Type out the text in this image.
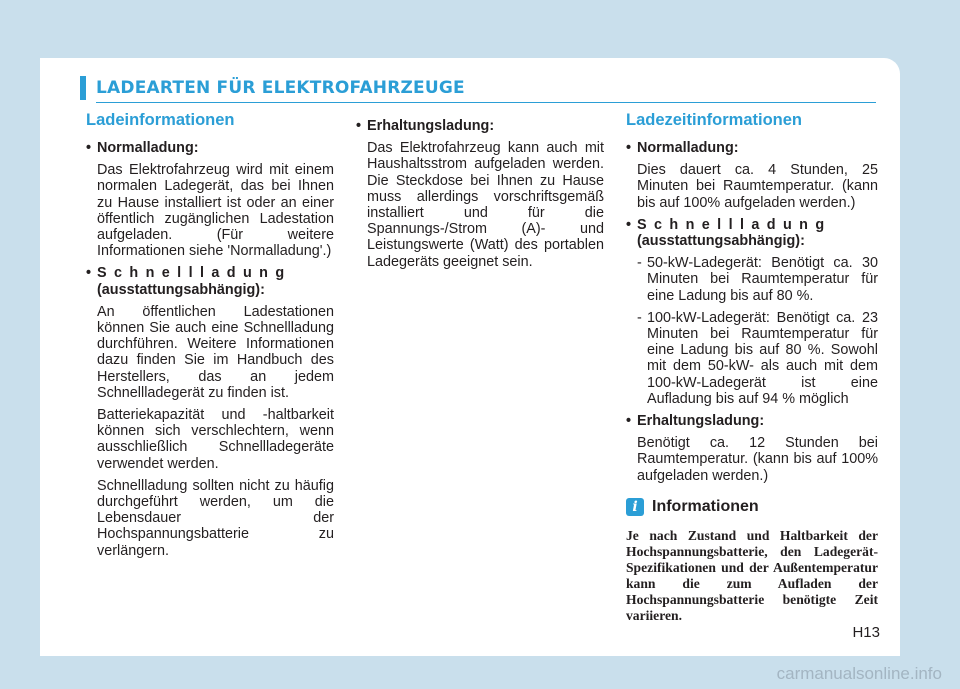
LADEARTEN FÜR ELEKTROFAHRZEUGE
Ladeinformationen
• Normalladung:
Das Elektrofahrzeug wird mit einem normalen Ladegerät, das bei Ihnen zu Hause installiert ist oder an einer öffentlich zugänglichen Ladestation aufgeladen. (Für weitere Informationen siehe 'Normalladung'.)
• Schnellladung
(ausstattungsabhängig):
An öffentlichen Ladestationen können Sie auch eine Schnellladung durchführen. Weitere Informationen dazu finden Sie im Handbuch des Herstellers, das an jedem Schnellladegerät zu finden ist.
Batteriekapazität und -haltbarkeit können sich verschlechtern, wenn ausschließlich Schnellladegeräte verwendet werden.
Schnellladung sollten nicht zu häufig durchgeführt werden, um die Lebensdauer der Hochspannungsbatterie zu verlängern.
• Erhaltungsladung:
Das Elektrofahrzeug kann auch mit Haushaltsstrom aufgeladen werden. Die Steckdose bei Ihnen zu Hause muss allerdings vorschriftsgemäß installiert und für die Spannungs-/Strom (A)- und Leistungswerte (Watt) des portablen Ladegeräts geeignet sein.
Ladezeitinformationen
• Normalladung:
Dies dauert ca. 4 Stunden, 25 Minuten bei Raumtemperatur. (kann bis auf 100% aufgeladen werden.)
• Schnellladung
(ausstattungsabhängig):
- 50-kW-Ladegerät: Benötigt ca. 30 Minuten bei Raumtemperatur für eine Ladung bis auf 80 %.
- 100-kW-Ladegerät: Benötigt ca. 23 Minuten bei Raumtemperatur für eine Ladung bis auf 80 %. Sowohl mit dem 50-kW- als auch mit dem 100-kW-Ladegerät ist eine Aufladung bis auf 94 % möglich
• Erhaltungsladung:
Benötigt ca. 12 Stunden bei Raumtemperatur. (kann bis auf 100% aufgeladen werden.)
i Informationen
Je nach Zustand und Haltbarkeit der Hochspannungsbatterie, den Ladegerät-Spezifikationen und der Außentemperatur kann die zum Aufladen der Hochspannungsbatterie benötigte Zeit variieren.
H13
carmanualsonline.info
